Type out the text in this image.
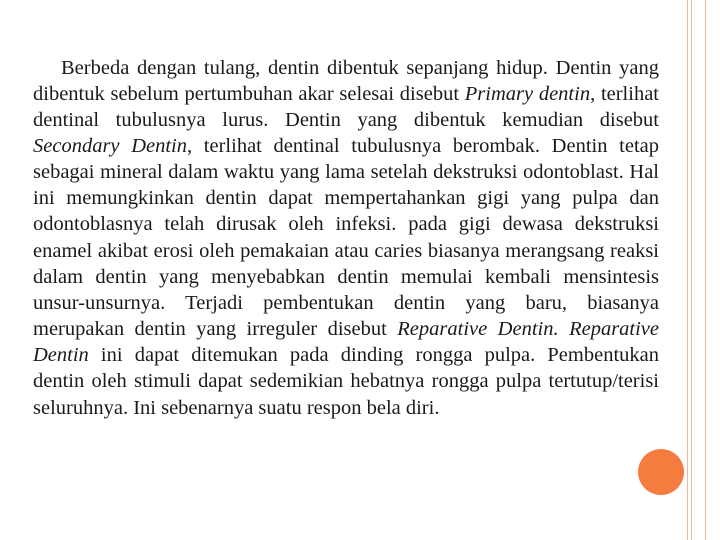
Berbeda dengan tulang, dentin dibentuk sepanjang hidup. Dentin yang dibentuk sebelum pertumbuhan akar selesai disebut Primary dentin, terlihat dentinal tubulusnya lurus. Dentin yang dibentuk kemudian disebut Secondary Dentin, terlihat dentinal tubulusnya berombak. Dentin tetap sebagai mineral dalam waktu yang lama setelah dekstruksi odontoblast. Hal ini memungkinkan dentin dapat mempertahankan gigi yang pulpa dan odontoblasnya telah dirusak oleh infeksi. pada gigi dewasa dekstruksi enamel akibat erosi oleh pemakaian atau caries biasanya merangsang reaksi dalam dentin yang menyebabkan dentin memulai kembali mensintesis unsur-unsurnya. Terjadi pembentukan dentin yang baru, biasanya merupakan dentin yang irreguler disebut Reparative Dentin. Reparative Dentin ini dapat ditemukan pada dinding rongga pulpa. Pembentukan dentin oleh stimuli dapat sedemikian hebatnya rongga pulpa tertutup/terisi seluruhnya. Ini sebenarnya suatu respon bela diri.
